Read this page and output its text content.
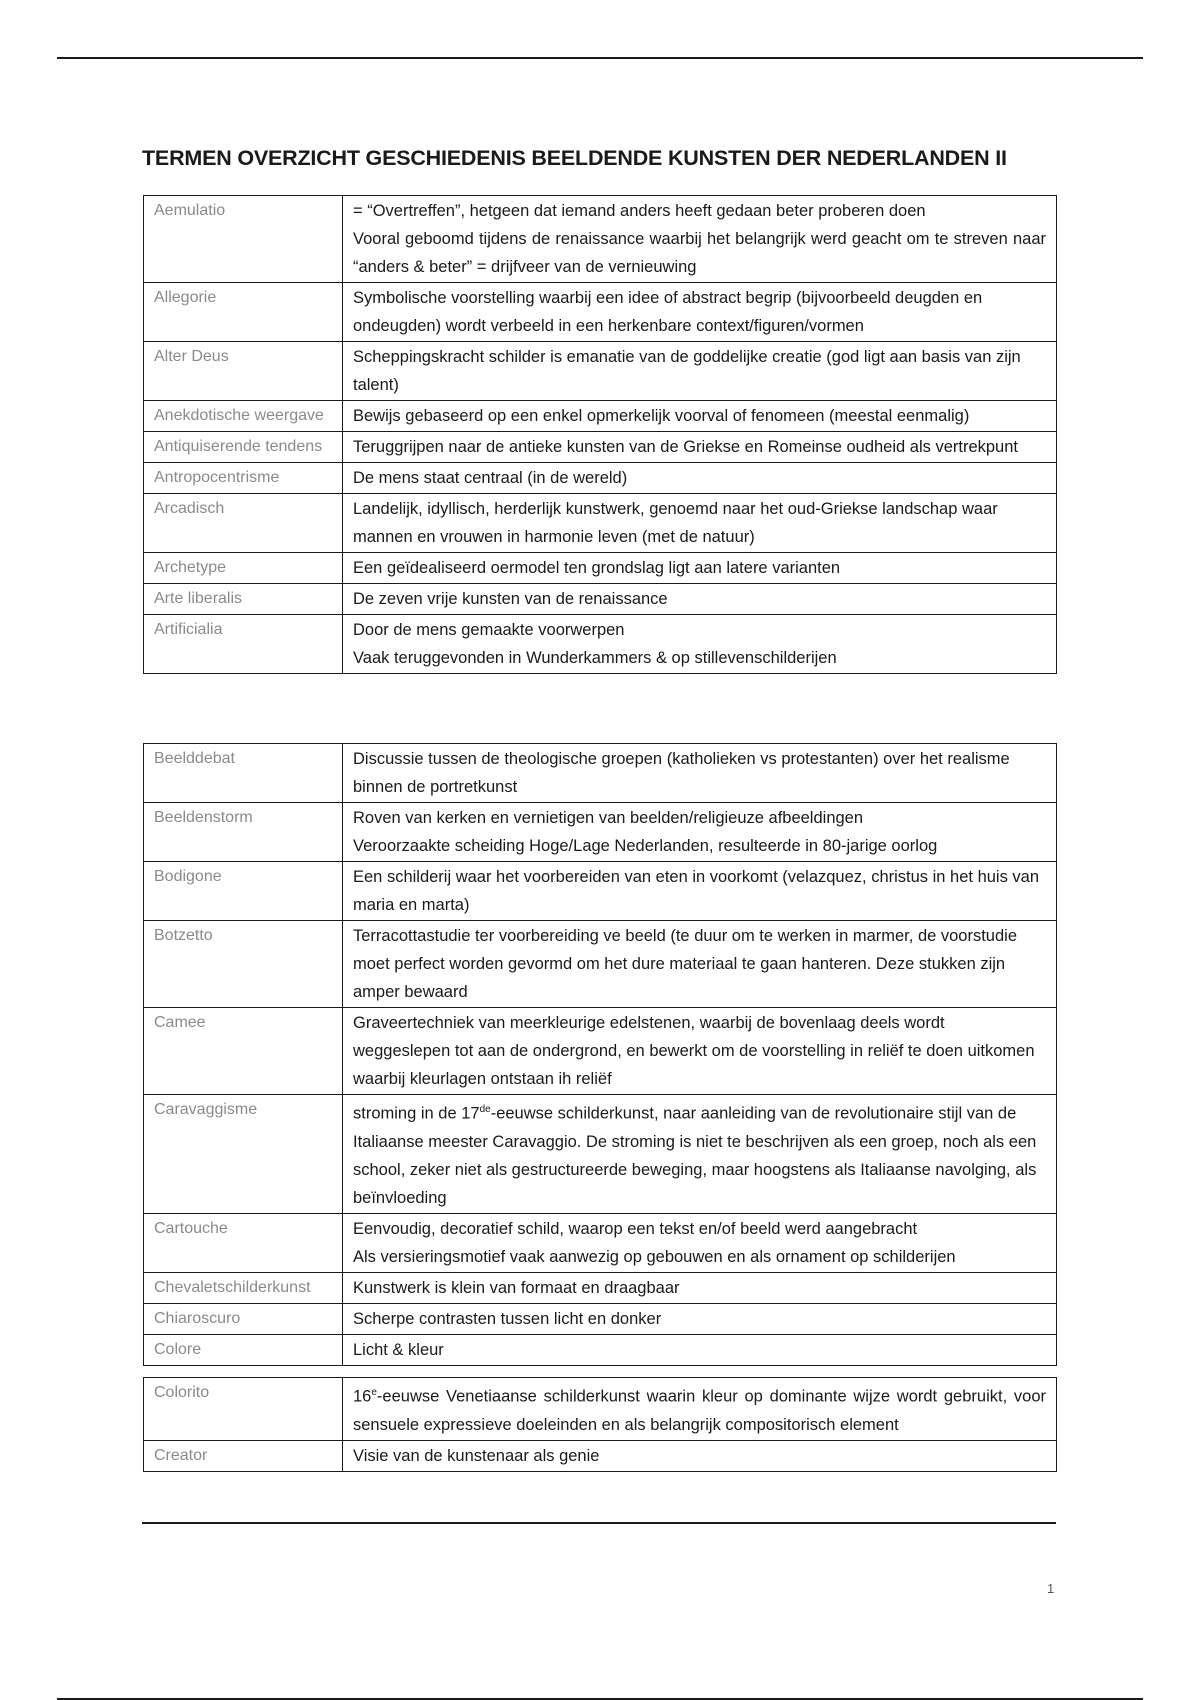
TERMEN OVERZICHT GESCHIEDENIS BEELDENDE KUNSTEN DER NEDERLANDEN II
Aemulatio	= “Overtreffen”, hetgeen dat iemand anders heeft gedaan beter proberen doen
Vooral geboomd tijdens de renaissance waarbij het belangrijk werd geacht om te streven naar “anders & beter” = drijfveer van de vernieuwing

Allegorie	Symbolische voorstelling waarbij een idee of abstract begrip (bijvoorbeeld deugden en ondeugden) wordt verbeeld in een herkenbare context/figuren/vormen

Alter Deus	Scheppingskracht schilder is emanatie van de goddelijke creatie (god ligt aan basis van zijn talent)

Anekdotische weergave	Bewijs gebaseerd op een enkel opmerkelijk voorval of fenomeen (meestal eenmalig)

Antiquiserende tendens	Teruggrijpen naar de antieke kunsten van de Griekse en Romeinse oudheid als vertrekpunt

Antropocentrisme	De mens staat centraal (in de wereld)

Arcadisch	Landelijk, idyllisch, herderlijk kunstwerk, genoemd naar het oud-Griekse landschap waar mannen en vrouwen in harmonie leven (met de natuur)

Archetype	Een geïdealiseerd oermodel ten grondslag ligt aan latere varianten

Arte liberalis	De zeven vrije kunsten van de renaissance

Artificialia	Door de mens gemaakte voorwerpen
Vaak teruggevonden in Wunderkammers & op stillevenschilderijen
Beelddebat	Discussie tussen de theologische groepen (katholieken vs protestanten) over het realisme binnen de portretkunst

Beeldenstorm	Roven van kerken en vernietigen van beelden/religieuze afbeeldingen
Veroorzaakte scheiding Hoge/Lage Nederlanden, resulteerde in 80-jarige oorlog

Bodigone	Een schilderij waar het voorbereiden van eten in voorkomt (velazquez, christus in het huis van maria en marta)

Botzetto	Terracottastudie ter voorbereiding ve beeld (te duur om te werken in marmer, de voorstudie moet perfect worden gevormd om het dure materiaal te gaan hanteren. Deze stukken zijn amper bewaard

Camee	Graveertechniek van meerkleurige edelstenen, waarbij de bovenlaag deels wordt weggeslepen tot aan de ondergrond, en bewerkt om de voorstelling in reliëf te doen uitkomen waarbij kleurlagen ontstaan ih reliëf

Caravaggisme	stroming in de 17de-eeuwse schilderkunst, naar aanleiding van de revolutionaire stijl van de Italiaanse meester Caravaggio. De stroming is niet te beschrijven als een groep, noch als een school, zeker niet als gestructureerde beweging, maar hoogstens als Italiaanse navolging, als beïnvloeding

Cartouche	Eenvoudig, decoratief schild, waarop een tekst en/of beeld werd aangebracht
Als versieringsmotief vaak aanwezig op gebouwen en als ornament op schilderijen

Chevaletschilderkunst	Kunstwerk is klein van formaat en draagbaar

Chiaroscuro	Scherpe contrasten tussen licht en donker

Colore	Licht & kleur
Colorito	16e-eeuwse Venetiaanse schilderkunst waarin kleur op dominante wijze wordt gebruikt, voor sensuele expressieve doeleinden en als belangrijk compositorisch element

Creator	Visie van de kunstenaar als genie
1
